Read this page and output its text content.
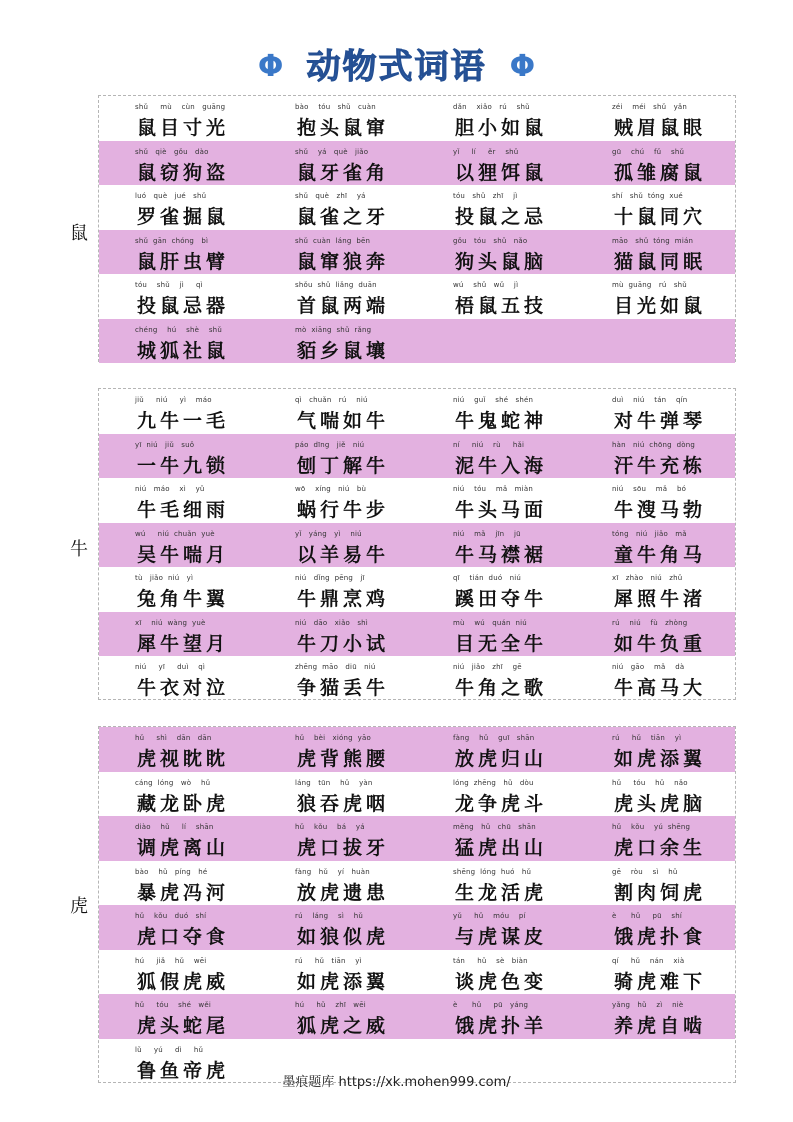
Φ 动物式词语 Φ
鼠
shǔ     mù    cùn   guāng
鼠目寸光
bào    tóu   shǔ   cuàn
抱头鼠窜
dǎn    xiǎo   rú    shǔ
胆小如鼠
zéi    méi   shǔ   yǎn
贼眉鼠眼
shǔ   qiè   gǒu   dào
鼠窃狗盗
shǔ    yá   què   jiǎo
鼠牙雀角
yǐ     lí     ěr    shǔ
以狸饵鼠
gū    chú    fǔ    shǔ
孤雏腐鼠
luó   què   jué   shǔ
罗雀掘鼠
shǔ   què   zhī    yá
鼠雀之牙
tóu   shǔ   zhī    jì
投鼠之忌
shí   shǔ  tóng  xué
十鼠同穴
shǔ  gān  chóng   bì
鼠肝虫臂
shǔ  cuàn  láng  bēn
鼠窜狼奔
gǒu   tóu   shǔ   nǎo
狗头鼠脑
māo   shǔ  tóng  mián
猫鼠同眠
tóu    shǔ    jì     qì
投鼠忌器
shǒu  shǔ  liǎng  duān
首鼠两端
wú    shǔ   wǔ    jì
梧鼠五技
mù  guāng   rú   shǔ
目光如鼠
chéng    hú    shè    shǔ
城狐社鼠
mò  xiāng  shǔ  rǎng
貊乡鼠壤
牛
jiǔ     niú     yì    máo
九牛一毛
qì   chuǎn   rú    niú
气喘如牛
niú    guǐ    shé   shén
牛鬼蛇神
duì    niú    tán    qín
对牛弹琴
yī  niú   jiǔ   suǒ
一牛九锁
páo  dīng   jiě   niú
刨丁解牛
ní     niú    rù     hǎi
泥牛入海
hàn   niú  chōng  dòng
汗牛充栋
niú   máo    xì    yǔ
牛毛细雨
wō    xíng   niú   bù
蜗行牛步
niú    tóu    mǎ   miàn
牛头马面
niú    sōu    mǎ    bó
牛溲马勃
wú     niú  chuǎn  yuè
吴牛喘月
yǐ   yáng   yì    niú
以羊易牛
niú    mǎ    jīn    jū
牛马襟裾
tóng   niú   jiǎo   mǎ
童牛角马
tù   jiǎo  niú   yì
兔角牛翼
niú   dǐng  pēng   jī
牛鼎烹鸡
qī    tián  duó   niú
蹊田夺牛
xī   zhào   niú   zhǔ
犀照牛渚
xī    niú  wàng  yuè
犀牛望月
niú   dāo   xiǎo   shì
牛刀小试
mù    wú   quán  niú
目无全牛
rú    niú    fù   zhòng
如牛负重
niú     yī     duì    qì
牛衣对泣
zhēng  māo   diū   niú
争猫丢牛
niú   jiǎo   zhī    gē
牛角之歌
niú   gāo    mǎ    dà
牛高马大
虎
hǔ     shì    dān   dān
虎视眈眈
hǔ    bèi   xióng  yāo
虎背熊腰
fàng    hǔ    guī   shān
放虎归山
rú     hǔ    tiān    yì
如虎添翼
cáng  lóng   wò    hǔ
藏龙卧虎
láng   tūn    hǔ    yàn
狼吞虎咽
lóng  zhēng   hǔ   dòu
龙争虎斗
hǔ     tóu    hǔ    nǎo
虎头虎脑
diào    hǔ     lí    shān
调虎离山
hǔ    kǒu    bá    yá
虎口拔牙
měng   hǔ   chū   shān
猛虎出山
hǔ    kǒu    yú  shēng
虎口余生
bào    hǔ   píng   hé
暴虎冯河
fàng   hǔ    yí   huàn
放虎遗患
shēng  lóng  huó   hǔ
生龙活虎
gē    ròu    sì    hǔ
割肉饲虎
hǔ    kǒu   duó   shí
虎口夺食
rú    láng    sì    hǔ
如狼似虎
yǔ     hǔ    móu    pí
与虎谋皮
è      hǔ     pū    shí
饿虎扑食
hú     jiǎ    hǔ    wēi
狐假虎威
rú     hǔ   tiān    yì
如虎添翼
tán     hǔ    sè   biàn
谈虎色变
qí     hǔ    nán    xià
骑虎难下
hǔ     tóu    shé   wěi
虎头蛇尾
hú     hǔ    zhī   wēi
狐虎之威
è      hǔ     pū   yáng
饿虎扑羊
yǎng   hǔ    zì    niè
养虎自啮
lǔ     yú     dì     hǔ
鲁鱼帝虎
墨痕题库 https://xk.mohen999.com/
